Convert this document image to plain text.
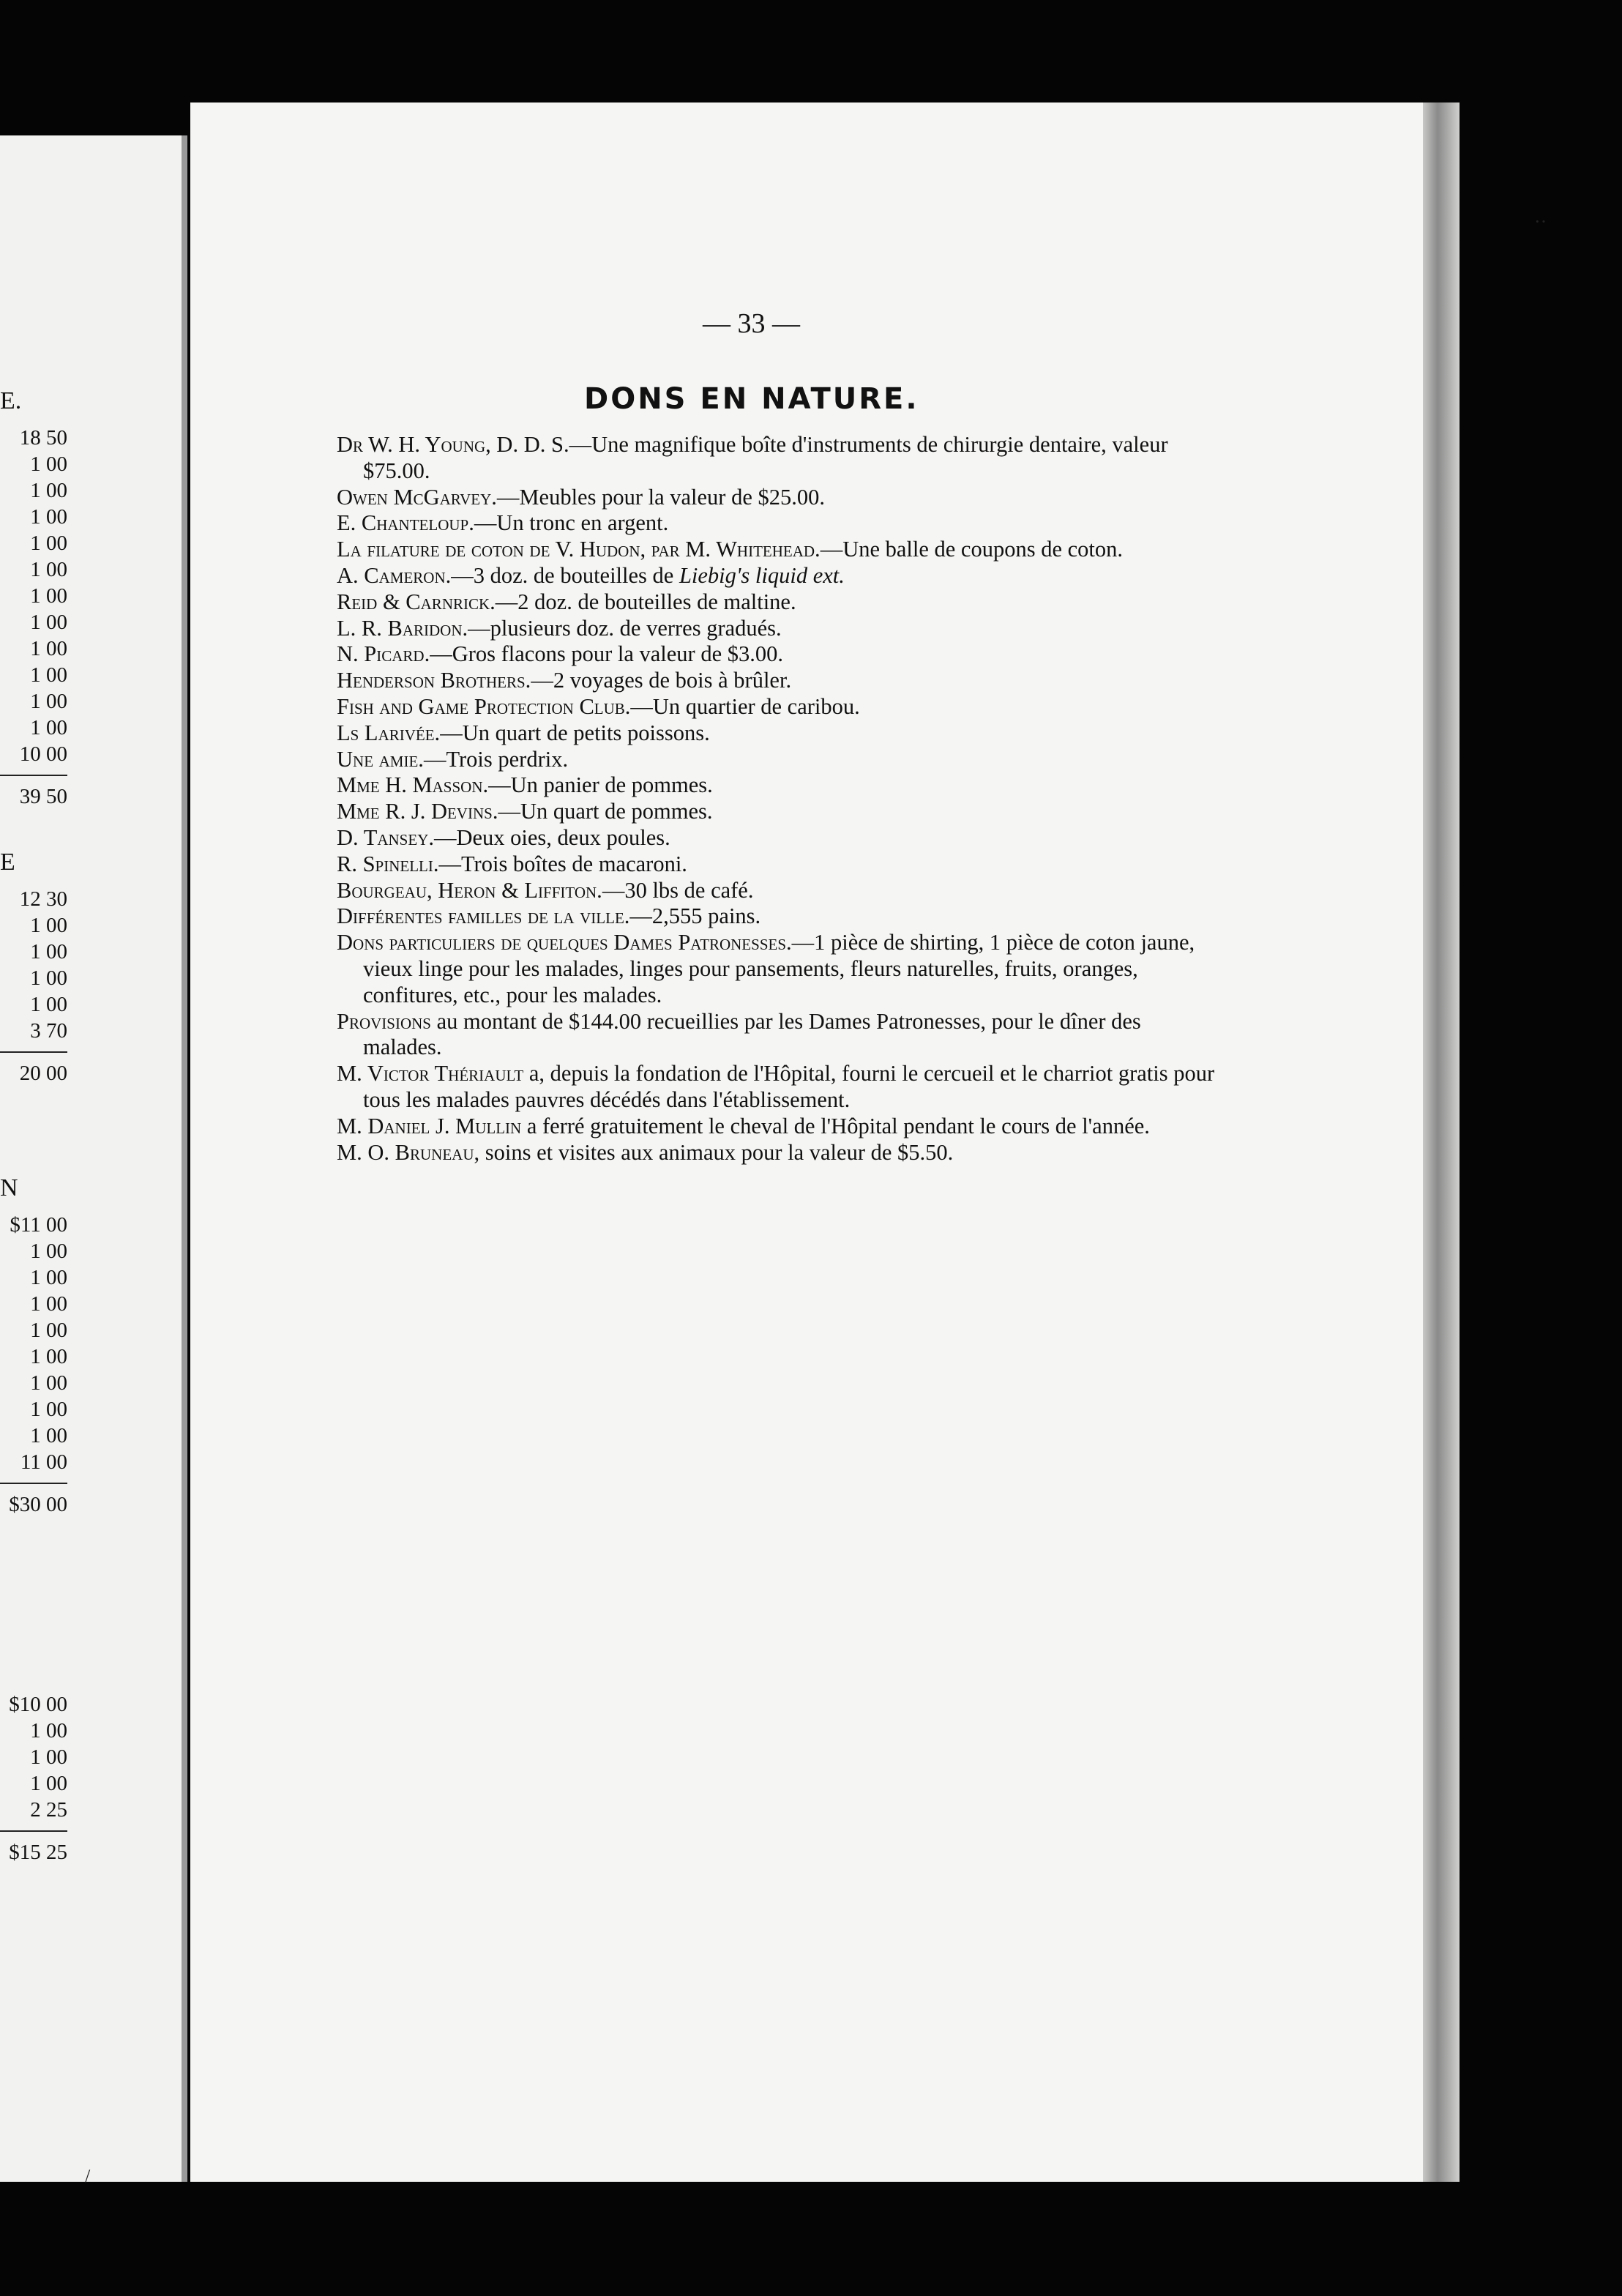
E.
18 50
1 00
1 00
1 00
1 00
1 00
1 00
1 00
1 00
1 00
1 00
1 00
10 00
39 50
E
12 30
1 00
1 00
1 00
1 00
3 70
20 00
N
$11 00
1 00
1 00
1 00
1 00
1 00
1 00
1 00
1 00
11 00
$30 00
$10 00
1 00
1 00
1 00
2 25
$15 25
— 33 —
DONS EN NATURE.

Dr W. H. Young, D. D. S.—Une magnifique boîte d'instruments de chirurgie dentaire, valeur $75.00.

Owen McGarvey.—Meubles pour la valeur de $25.00.

E. Chanteloup.—Un tronc en argent.

La filature de coton de V. Hudon, par M. Whitehead.—Une balle de coupons de coton.

A. Cameron.—3 doz. de bouteilles de Liebig's liquid ext.

Reid & Carnrick.—2 doz. de bouteilles de maltine.

L. R. Baridon.—plusieurs doz. de verres gradués.

N. Picard.—Gros flacons pour la valeur de $3.00.

Henderson Brothers.—2 voyages de bois à brûler.

Fish and Game Protection Club.—Un quartier de caribou.

Ls Larivée.—Un quart de petits poissons.

Une amie.—Trois perdrix.

Mme H. Masson.—Un panier de pommes.

Mme R. J. Devins.—Un quart de pommes.

D. Tansey.—Deux oies, deux poules.

R. Spinelli.—Trois boîtes de macaroni.

Bourgeau, Heron & Liffiton.—30 lbs de café.

Différentes familles de la ville.—2,555 pains.

Dons particuliers de quelques Dames Patronesses.—1 pièce de shirting, 1 pièce de coton jaune, vieux linge pour les malades, linges pour pansements, fleurs naturelles, fruits, oranges, confitures, etc., pour les malades.

Provisions au montant de $144.00 recueillies par les Dames Patronesses, pour le dîner des malades.

M. Victor Thériault a, depuis la fondation de l'Hôpital, fourni le cercueil et le charriot gratis pour tous les malades pauvres décédés dans l'établissement.

M. Daniel J. Mullin a ferré gratuitement le cheval de l'Hôpital pendant le cours de l'année.

M. O. Bruneau, soins et visites aux animaux pour la valeur de $5.50.

··
/
